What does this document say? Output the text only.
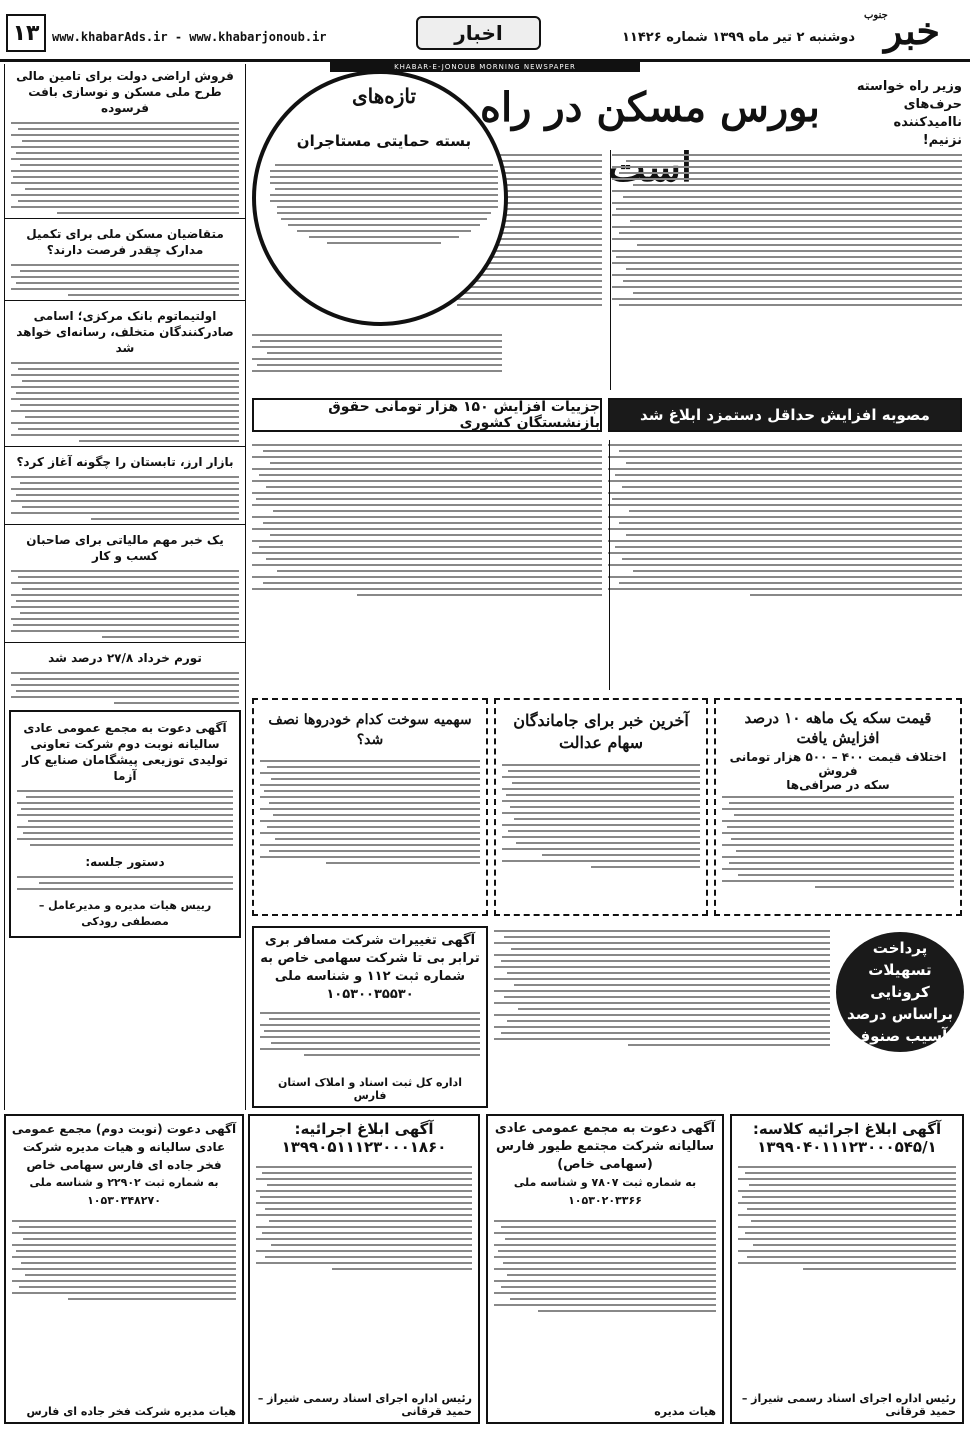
۱۳	www.khabarAds.ir - www.khabarjonoub.ir	اخبار	دوشنبه ۲ تیر ماه ۱۳۹۹ شماره ۱۱۴۲۶
جنوب
خبر
KHABAR-E-JONOUB MORNING NEWSPAPER
وزیر راه خواسته
حرف‌های ناامیدکننده
نزنیم!
بورس مسکن در راه
تازه‌های
بسته حمایتی مستاجران
فروش اراضی دولت برای تامین مالی طرح ملی مسکن و نوسازی بافت فرسوده
متقاضیان مسکن ملی برای تکمیل مدارک چقدر فرصت دارند؟
اولتیماتوم بانک مرکزی؛ اسامی صادرکنندگان متخلف، رسانه‌ای خواهد شد
بازار ارز، تابستان را چگونه آغاز کرد؟
یک خبر مهم مالیاتی برای صاحبان کسب و کار
تورم خرداد ۲۷/۸ درصد شد
آگهی دعوت به مجمع عمومی عادی سالیانه نوبت دوم شرکت تعاونی تولیدی توزیعی پیشگامان صنایع کار آزما
دستور جلسه:
رییس هیات مدیره و مدیرعامل – مصطفی رودکی
مصوبه افزایش حداقل دستمزد ابلاغ شد
جزییات افزایش ۱۵۰ هزار تومانی حقوق بازنشستگان کشوری
قیمت سکه یک ماهه ۱۰ درصد افزایش یافت
اختلاف قیمت ۴۰۰ – ۵۰۰ هزار تومانی فروش
سکه در صرافی‌ها
آخرین خبر برای جاماندگان سهام عدالت
سهمیه سوخت کدام خودروها نصف شد؟
پرداخت تسهیلات کرونایی براساس درصد آسیب صنوف
آگهی تغییرات شرکت مسافر بری ترابر بی تا شرکت سهامی خاص به شماره ثبت ۱۱۲ و شناسه ملی ۱۰۵۳۰۰۳۵۵۳۰
اداره کل ثبت اسناد و املاک استان فارس
آگهی ابلاغ اجرائیه کلاسه:
۱۳۹۹۰۴۰۱۱۱۲۳۰۰۰۵۴۵/۱
رئیس اداره اجرای اسناد رسمی شیراز – حمید قرقانی
آگهی دعوت به مجمع عمومی عادی سالیانه شرکت مجتمع طیور فارس (سهامی خاص)
به شماره ثبت ۷۸۰۷ و شناسه ملی ۱۰۵۳۰۲۰۳۳۶۶
هیات مدیره
آگهی ابلاغ اجرائیه:
۱۳۹۹۰۵۱۱۱۲۳۰۰۰۱۸۶۰
رئیس اداره اجرای اسناد رسمی شیراز – حمید قرقانی
آگهی دعوت (نوبت دوم) مجمع عمومی عادی سالیانه و هیات مدیره شرکت فخر جاده ای فارس سهامی خاص
به شماره ثبت ۲۲۹۰۲ و شناسه ملی ۱۰۵۳۰۳۴۸۲۷۰
هیات مدیره شرکت فخر جاده ای فارس
